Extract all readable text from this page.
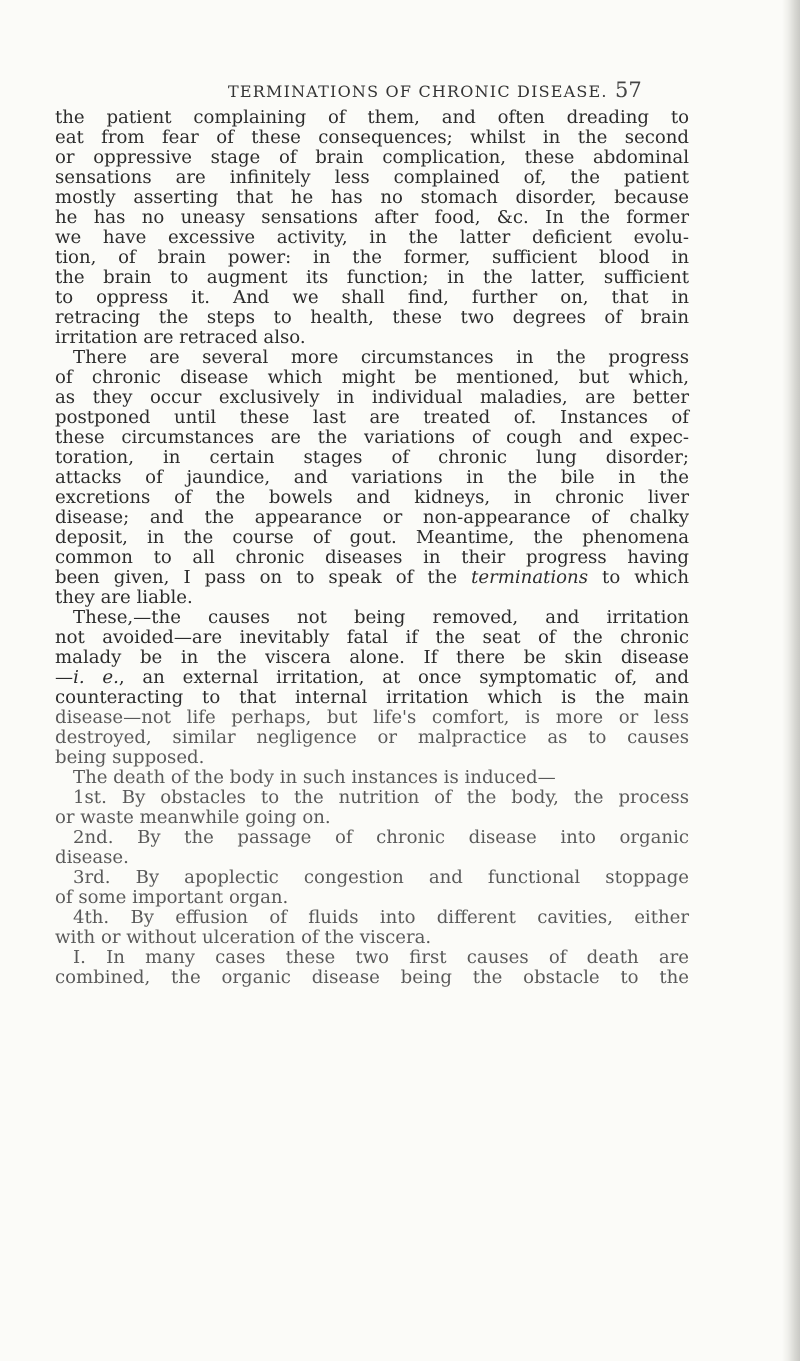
TERMINATIONS OF CHRONIC DISEASE. 57
the patient complaining of them, and often dreading to
eat from fear of these consequences; whilst in the second
or oppressive stage of brain complication, these abdominal
sensations are infinitely less complained of, the patient
mostly asserting that he has no stomach disorder, because
he has no uneasy sensations after food, &c. In the former
we have excessive activity, in the latter deficient evolu-
tion, of brain power: in the former, sufficient blood in
the brain to augment its function; in the latter, sufficient
to oppress it. And we shall find, further on, that in
retracing the steps to health, these two degrees of brain
irritation are retraced also.
There are several more circumstances in the progress
of chronic disease which might be mentioned, but which,
as they occur exclusively in individual maladies, are better
postponed until these last are treated of. Instances of
these circumstances are the variations of cough and expec-
toration, in certain stages of chronic lung disorder;
attacks of jaundice, and variations in the bile in the
excretions of the bowels and kidneys, in chronic liver
disease; and the appearance or non-appearance of chalky
deposit, in the course of gout. Meantime, the phenomena
common to all chronic diseases in their progress having
been given, I pass on to speak of the terminations to which
they are liable.
These,—the causes not being removed, and irritation
not avoided—are inevitably fatal if the seat of the chronic
malady be in the viscera alone. If there be skin disease
—i. e., an external irritation, at once symptomatic of, and
counteracting to that internal irritation which is the main
disease—not life perhaps, but life's comfort, is more or less
destroyed, similar negligence or malpractice as to causes
being supposed.
The death of the body in such instances is induced—
1st. By obstacles to the nutrition of the body, the process
or waste meanwhile going on.
2nd. By the passage of chronic disease into organic
disease.
3rd. By apoplectic congestion and functional stoppage
of some important organ.
4th. By effusion of fluids into different cavities, either
with or without ulceration of the viscera.
I. In many cases these two first causes of death are
combined, the organic disease being the obstacle to the
